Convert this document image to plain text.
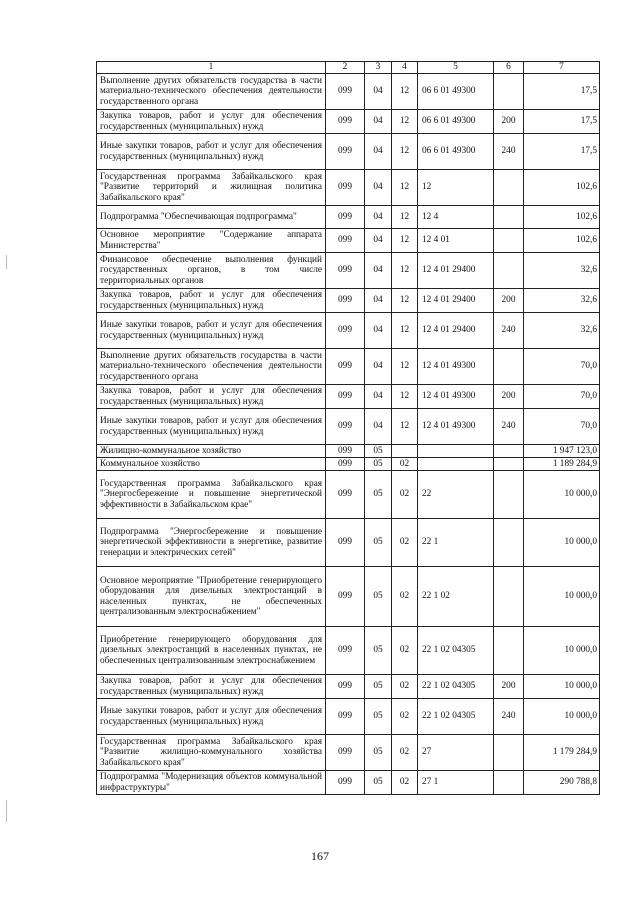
1	2	3	4	5	6	7
Выполнение других обязательств государства в части материально-технического обеспечения деятельности государственного органа	099	04	12	06 6 01 49300		17,5
Закупка товаров, работ и услуг для обеспечения государственных (муниципальных) нужд	099	04	12	06 6 01 49300	200	17,5
Иные закупки товаров, работ и услуг для обеспечения государственных (муниципальных) нужд	099	04	12	06 6 01 49300	240	17,5
Государственная программа Забайкальского края "Развитие территорий и жилищная политика Забайкальского края"	099	04	12	12		102,6
Подпрограмма "Обеспечивающая подпрограмма"	099	04	12	12 4		102,6
Основное мероприятие "Содержание аппарата Министерства"	099	04	12	12 4 01		102,6
Финансовое обеспечение выполнения функций государственных органов, в том числе территориальных органов	099	04	12	12 4 01 29400		32,6
Закупка товаров, работ и услуг для обеспечения государственных (муниципальных) нужд	099	04	12	12 4 01 29400	200	32,6
Иные закупки товаров, работ и услуг для обеспечения государственных (муниципальных) нужд	099	04	12	12 4 01 29400	240	32,6
Выполнение других обязательств государства в части материально-технического обеспечения деятельности государственного органа	099	04	12	12 4 01 49300		70,0
Закупка товаров, работ и услуг для обеспечения государственных (муниципальных) нужд	099	04	12	12 4 01 49300	200	70,0
Иные закупки товаров, работ и услуг для обеспечения государственных (муниципальных) нужд	099	04	12	12 4 01 49300	240	70,0
Жилищно-коммунальное хозяйство	099	05				1 947 123,0
Коммунальное хозяйство	099	05	02			1 189 284,9
Государственная программа Забайкальского края "Энергосбережение и повышение энергетической эффективности в Забайкальском крае"	099	05	02	22		10 000,0
Подпрограмма "Энергосбережение и повышение энергетической эффективности в энергетике, развитие генерации и электрических сетей"	099	05	02	22 1		10 000,0
Основное мероприятие "Приобретение генерирующего оборудования для дизельных электростанций в населенных пунктах, не обеспеченных централизованным электроснабжением"	099	05	02	22 1 02		10 000,0
Приобретение генерирующего оборудования для дизельных электростанций в населенных пунктах, не обеспеченных централизованным электроснабжением	099	05	02	22 1 02 04305		10 000,0
Закупка товаров, работ и услуг для обеспечения государственных (муниципальных) нужд	099	05	02	22 1 02 04305	200	10 000,0
Иные закупки товаров, работ и услуг для обеспечения государственных (муниципальных) нужд	099	05	02	22 1 02 04305	240	10 000,0
Государственная программа Забайкальского края "Развитие жилищно-коммунального хозяйства Забайкальского края"	099	05	02	27		1 179 284,9
Подпрограмма "Модернизация объектов коммунальной инфраструктуры"	099	05	02	27 1		290 788,8
167
